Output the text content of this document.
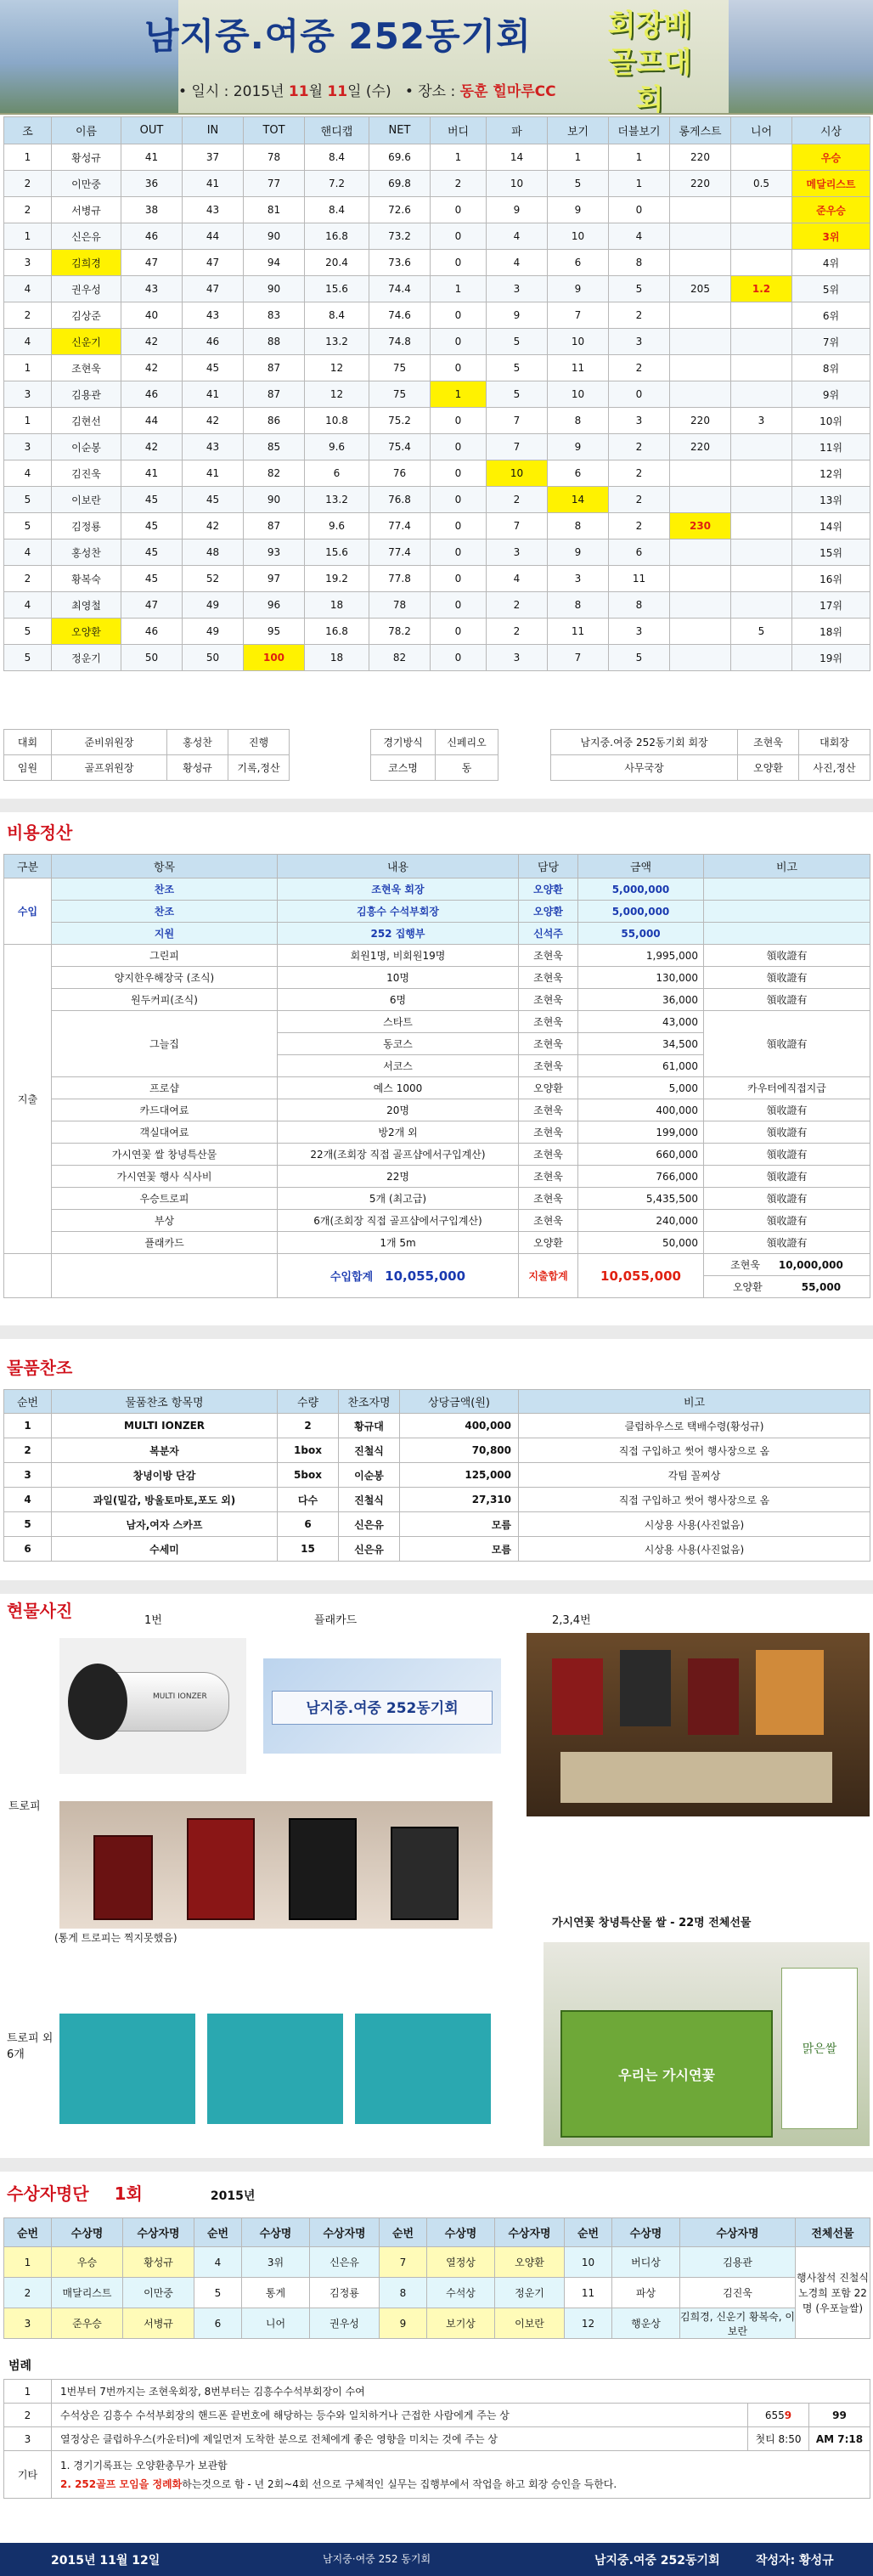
남지중.여중 252동기회	회장배 골프대회
• 일시 : 2015년 11월 11일 (수) • 장소 : 동훈 힐마루CC
조	이름	OUT	IN	TOT	핸디캡	NET	버디	파	보기	더블보기	롱게스트	니어	시상
1	황성규	41	37	78	8.4	69.6	1	14	1	1	220		우승
2	이만중	36	41	77	7.2	69.8	2	10	5	1	220	0.5	메달리스트
2	서병규	38	43	81	8.4	72.6	0	9	9	0			준우승
1	신은유	46	44	90	16.8	73.2	0	4	10	4			3위
3	김희경	47	47	94	20.4	73.6	0	4	6	8			4위
4	권우성	43	47	90	15.6	74.4	1	3	9	5	205	1.2	5위
2	김상준	40	43	83	8.4	74.6	0	9	7	2			6위
4	신운기	42	46	88	13.2	74.8	0	5	10	3			7위
1	조현욱	42	45	87	12	75	0	5	11	2			8위
3	김용관	46	41	87	12	75	1	5	10	0			9위
1	김현선	44	42	86	10.8	75.2	0	7	8	3	220	3	10위
3	이순봉	42	43	85	9.6	75.4	0	7	9	2	220		11위
4	김진욱	41	41	82	6	76	0	10	6	2			12위
5	이보란	45	45	90	13.2	76.8	0	2	14	2			13위
5	김정룡	45	42	87	9.6	77.4	0	7	8	2	230		14위
4	홍성찬	45	48	93	15.6	77.4	0	3	9	6			15위
2	황복숙	45	52	97	19.2	77.8	0	4	3	11			16위
4	최영철	47	49	96	18	78	0	2	8	8			17위
5	오양환	46	49	95	16.8	78.2	0	2	11	3		5	18위
5	정운기	50	50	100	18	82	0	3	7	5			19위
대회	준비위원장	홍성찬	진행	
임원	골프위원장	황성규	기록,정산	
경기방식	신페리오
코스명	동
남지중.여중 252동기회 회장	조현욱	대회장
사무국장	오양환	사진,정산
비용정산
구분	항목	내용	담당	금액	비고
수입	찬조	조현욱 회장	오양환	5,000,000	
	찬조	김흥수 수석부회장	오양환	5,000,000	
	지원	252 집행부	신석주	55,000	
지출	그린피	회원1명, 비회원19명	조현욱	1,995,000	領收證有
	양지한우해장국 (조식)	10명	조현욱	130,000	領收證有
	원두커피(조식)	6명	조현욱	36,000	領收證有
	그늘집	스타트	조현욱	43,000	領收證有
		동코스	조현욱	34,500	
		서코스	조현욱	61,000	
	프로샵	예스 1000	오양환	5,000	카우터에직접지급
	카드대여료	20명	조현욱	400,000	領收證有
	객실대여료	방2개 외	조현욱	199,000	領收證有
	가시연꽃 쌀 창녕특산물	22개(조회장 직접 골프샵에서구입계산)	조현욱	660,000	領收證有
	가시연꽃 행사 식사비	22명	조현욱	766,000	領收證有
	우승트로피	5개 (최고급)	조현욱	5,435,500	領收證有
	부상	6개(조회장 직접 골프샵에서구입계산)	조현욱	240,000	領收證有
	플래카드	1개 5m	오양환	50,000	領收證有
		수입합계 10,055,000	지출합계	10,055,000	조현욱 10,000,000
					오양환 55,000
물품찬조
순번	물품찬조 항목명	수량	찬조자명	상당금액(원)	비고
1	MULTI IONZER	2	황규대	400,000	클럽하우스로 택배수령(황성규)
2	복분자	1box	진철식	70,800	직접 구입하고 썻어 행사장으로 옴
3	창녕이방 단감	5box	이순봉	125,000	각팀 꼴찌상
4	과일(밀감, 방울토마토,포도 외)	다수	진철식	27,310	직접 구입하고 썻어 행사장으로 옴
5	남자,여자 스카프	6	신은유	모름	시상용 사용(사진없음)
6	수세미	15	신은유	모름	시상용 사용(사진없음)
현물사진	1번	플래카드	2,3,4번
MULTI IONZER
남지중.여중 252동기회
트로피
(통게 트로피는 찍지못했음)
가시연꽃 창녕특산물 쌀 - 22명 전체선물
트로피 외 6개
우리는 가시연꽃
맑은쌀
수상자명단 1회	2015년
순번	수상명	수상자명	순번	수상명	수상자명	순번	수상명	수상자명	순번	수상명	수상자명	전체선물
1	우승	황성규	4	3위	신은유	7	열정상	오양환	10	버디상	김용관	행사참석 진철식 노경희 포함 22명 (우포늘쌀)
2	매달리스트	이만중	5	통게	김정룡	8	수석상	정운기	11	파상	김진욱	
3	준우승	서병규	6	니어	권우성	9	보기상	이보란	12	행운상	김희경, 신운기 황복숙, 이보란	
범례
1	1번부터 7번까지는 조현욱회장, 8번부터는 김흥수수석부회장이 수여		
2	수석상은 김흥수 수석부회장의 핸드폰 끝번호에 해당하는 등수와 일치하거나 근접한 사람에게 주는 상	6559	99
3	열정상은 클럽하우스(카운터)에 제일먼저 도착한 분으로 전체에게 좋은 영향을 미치는 것에 주는 상	첫티 8:50	AM 7:18
기타	1. 경기기록표는 오양환총무가 보관함
2. 252골프 모임을 정례화하는것으로 함 - 년 2회~4회 선으로 구체적인 실무는 집행부에서 작업을 하고 회장 승인을 득한다.		
2015년 11월 12일	남지중·여중 252 동기회	남지중.여중 252동기회	작성자: 황성규
